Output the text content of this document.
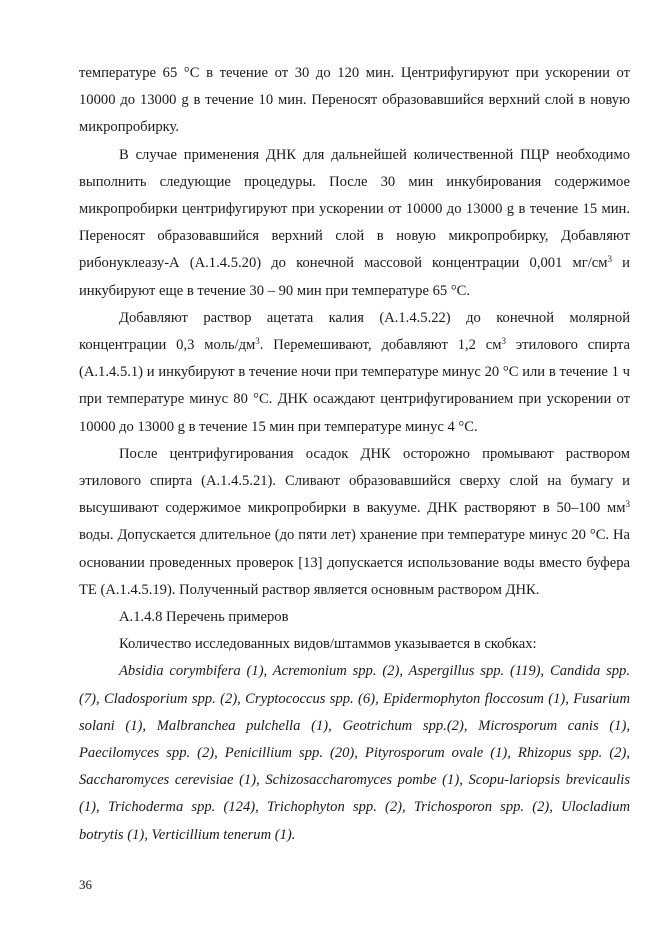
температуре 65 °С в течение от 30 до 120 мин. Центрифугируют при ускорении от 10000 до 13000 g в течение 10 мин. Переносят образовавшийся верхний слой в новую микропробирку.

В случае применения ДНК для дальнейшей количественной ПЦР необходимо выполнить следующие процедуры. После 30 мин инкубирования содержимое микропробирки центрифугируют при ускорении от 10000 до 13000 g в течение 15 мин. Переносят образовавшийся верхний слой в новую микропробирку, Добавляют рибонуклеазу-А (А.1.4.5.20) до конечной массовой концентрации 0,001 $мг/см^3$ и инкубируют еще в течение 30 – 90 мин при температуре 65 °С.

Добавляют раствор ацетата калия (А.1.4.5.22) до конечной молярной концентрации 0,3 моль/$дм^3$. Перемешивают, добавляют 1,2 $см^3$ этилового спирта (А.1.4.5.1) и инкубируют в течение ночи при температуре минус 20 °С или в течение 1 ч при температуре минус 80 °С. ДНК осаждают центрифугированием при ускорении от 10000 до 13000 g в течение 15 мин при температуре минус 4 °С.

После центрифугирования осадок ДНК осторожно промывают раствором этилового спирта (А.1.4.5.21). Сливают образовавшийся сверху слой на бумагу и высушивают содержимое микропробирки в вакууме. ДНК растворяют в 50–100 $мм^3$ воды. Допускается длительное (до пяти лет) хранение при температуре минус 20 °С. На основании проведенных проверок [13] допускается использование воды вместо буфера ТЕ (А.1.4.5.19). Полученный раствор является основным раствором ДНК.

А.1.4.8 Перечень примеров

Количество исследованных видов/штаммов указывается в скобках:

Absidia corymbifera (1), Acremonium spp. (2), Aspergillus spp. (119), Candida spp. (7), Cladosporium spp. (2), Cryptococcus spp. (6), Epidermophyton floccosum (1), Fusarium solani (1), Malbranchea pulchella (1), Geotrichum spp.(2), Microsporum canis (1), Paecilomyces spp. (2), Penicillium spp. (20), Pityrosporum ovale (1), Rhizopus spp. (2), Saccharomyces cerevisiae (1), Schizosaccharomyces pombe (1), Scopu-lariopsis brevicaulis (1), Trichoderma spp. (124), Trichophyton spp. (2), Trichosporon spp. (2), Ulocladium botrytis (1), Verticillium tenerum (1).

36
